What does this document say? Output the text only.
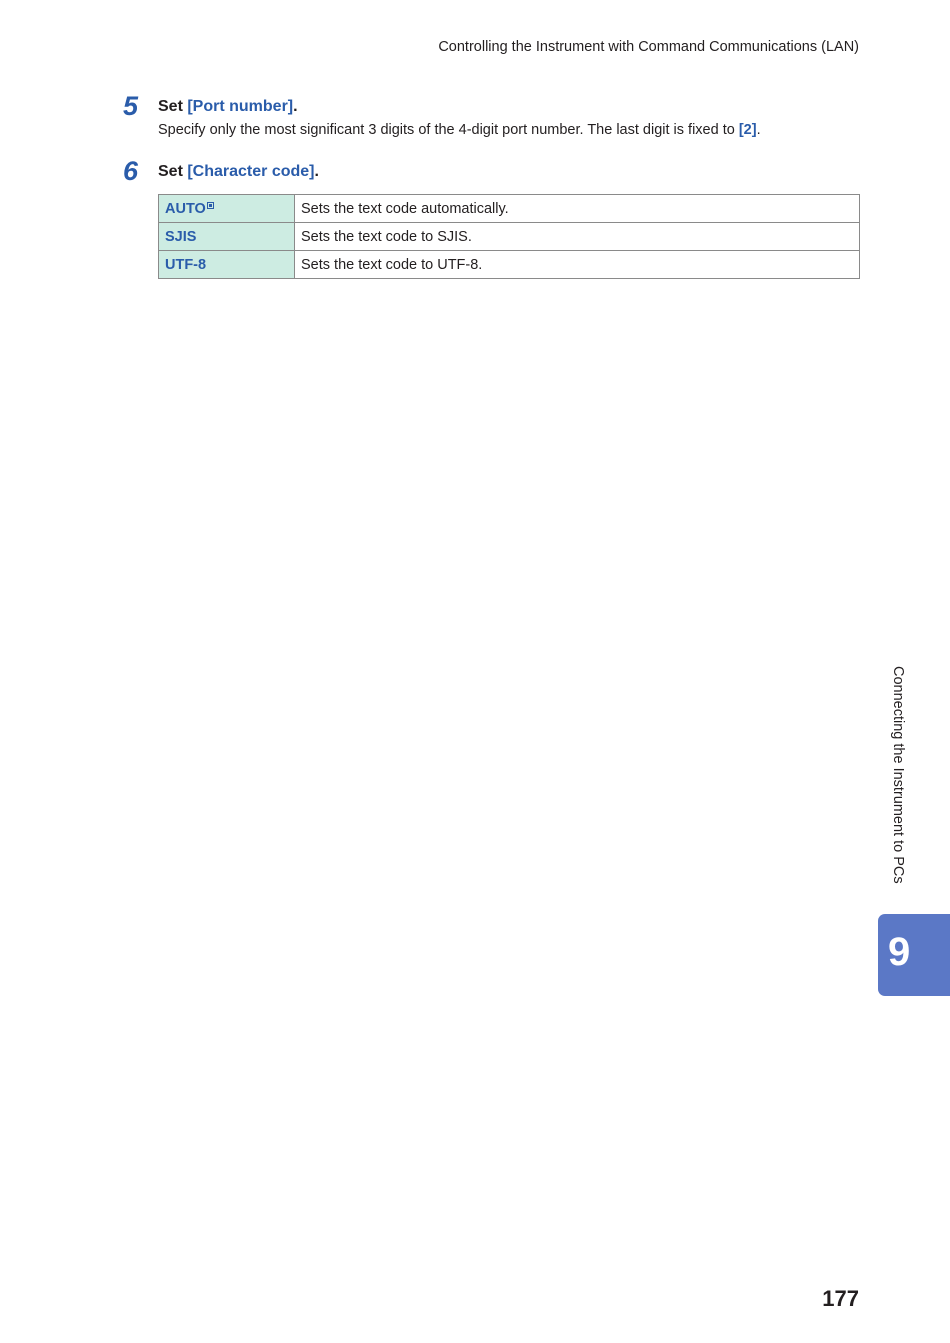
Controlling the Instrument with Command Communications (LAN)
5 Set [Port number].
Specify only the most significant 3 digits of the 4-digit port number. The last digit is fixed to [2].
6 Set [Character code].
AUTO	Sets the text code automatically.
SJIS	Sets the text code to SJIS.
UTF-8	Sets the text code to UTF-8.
Connecting the Instrument to PCs
9
177
